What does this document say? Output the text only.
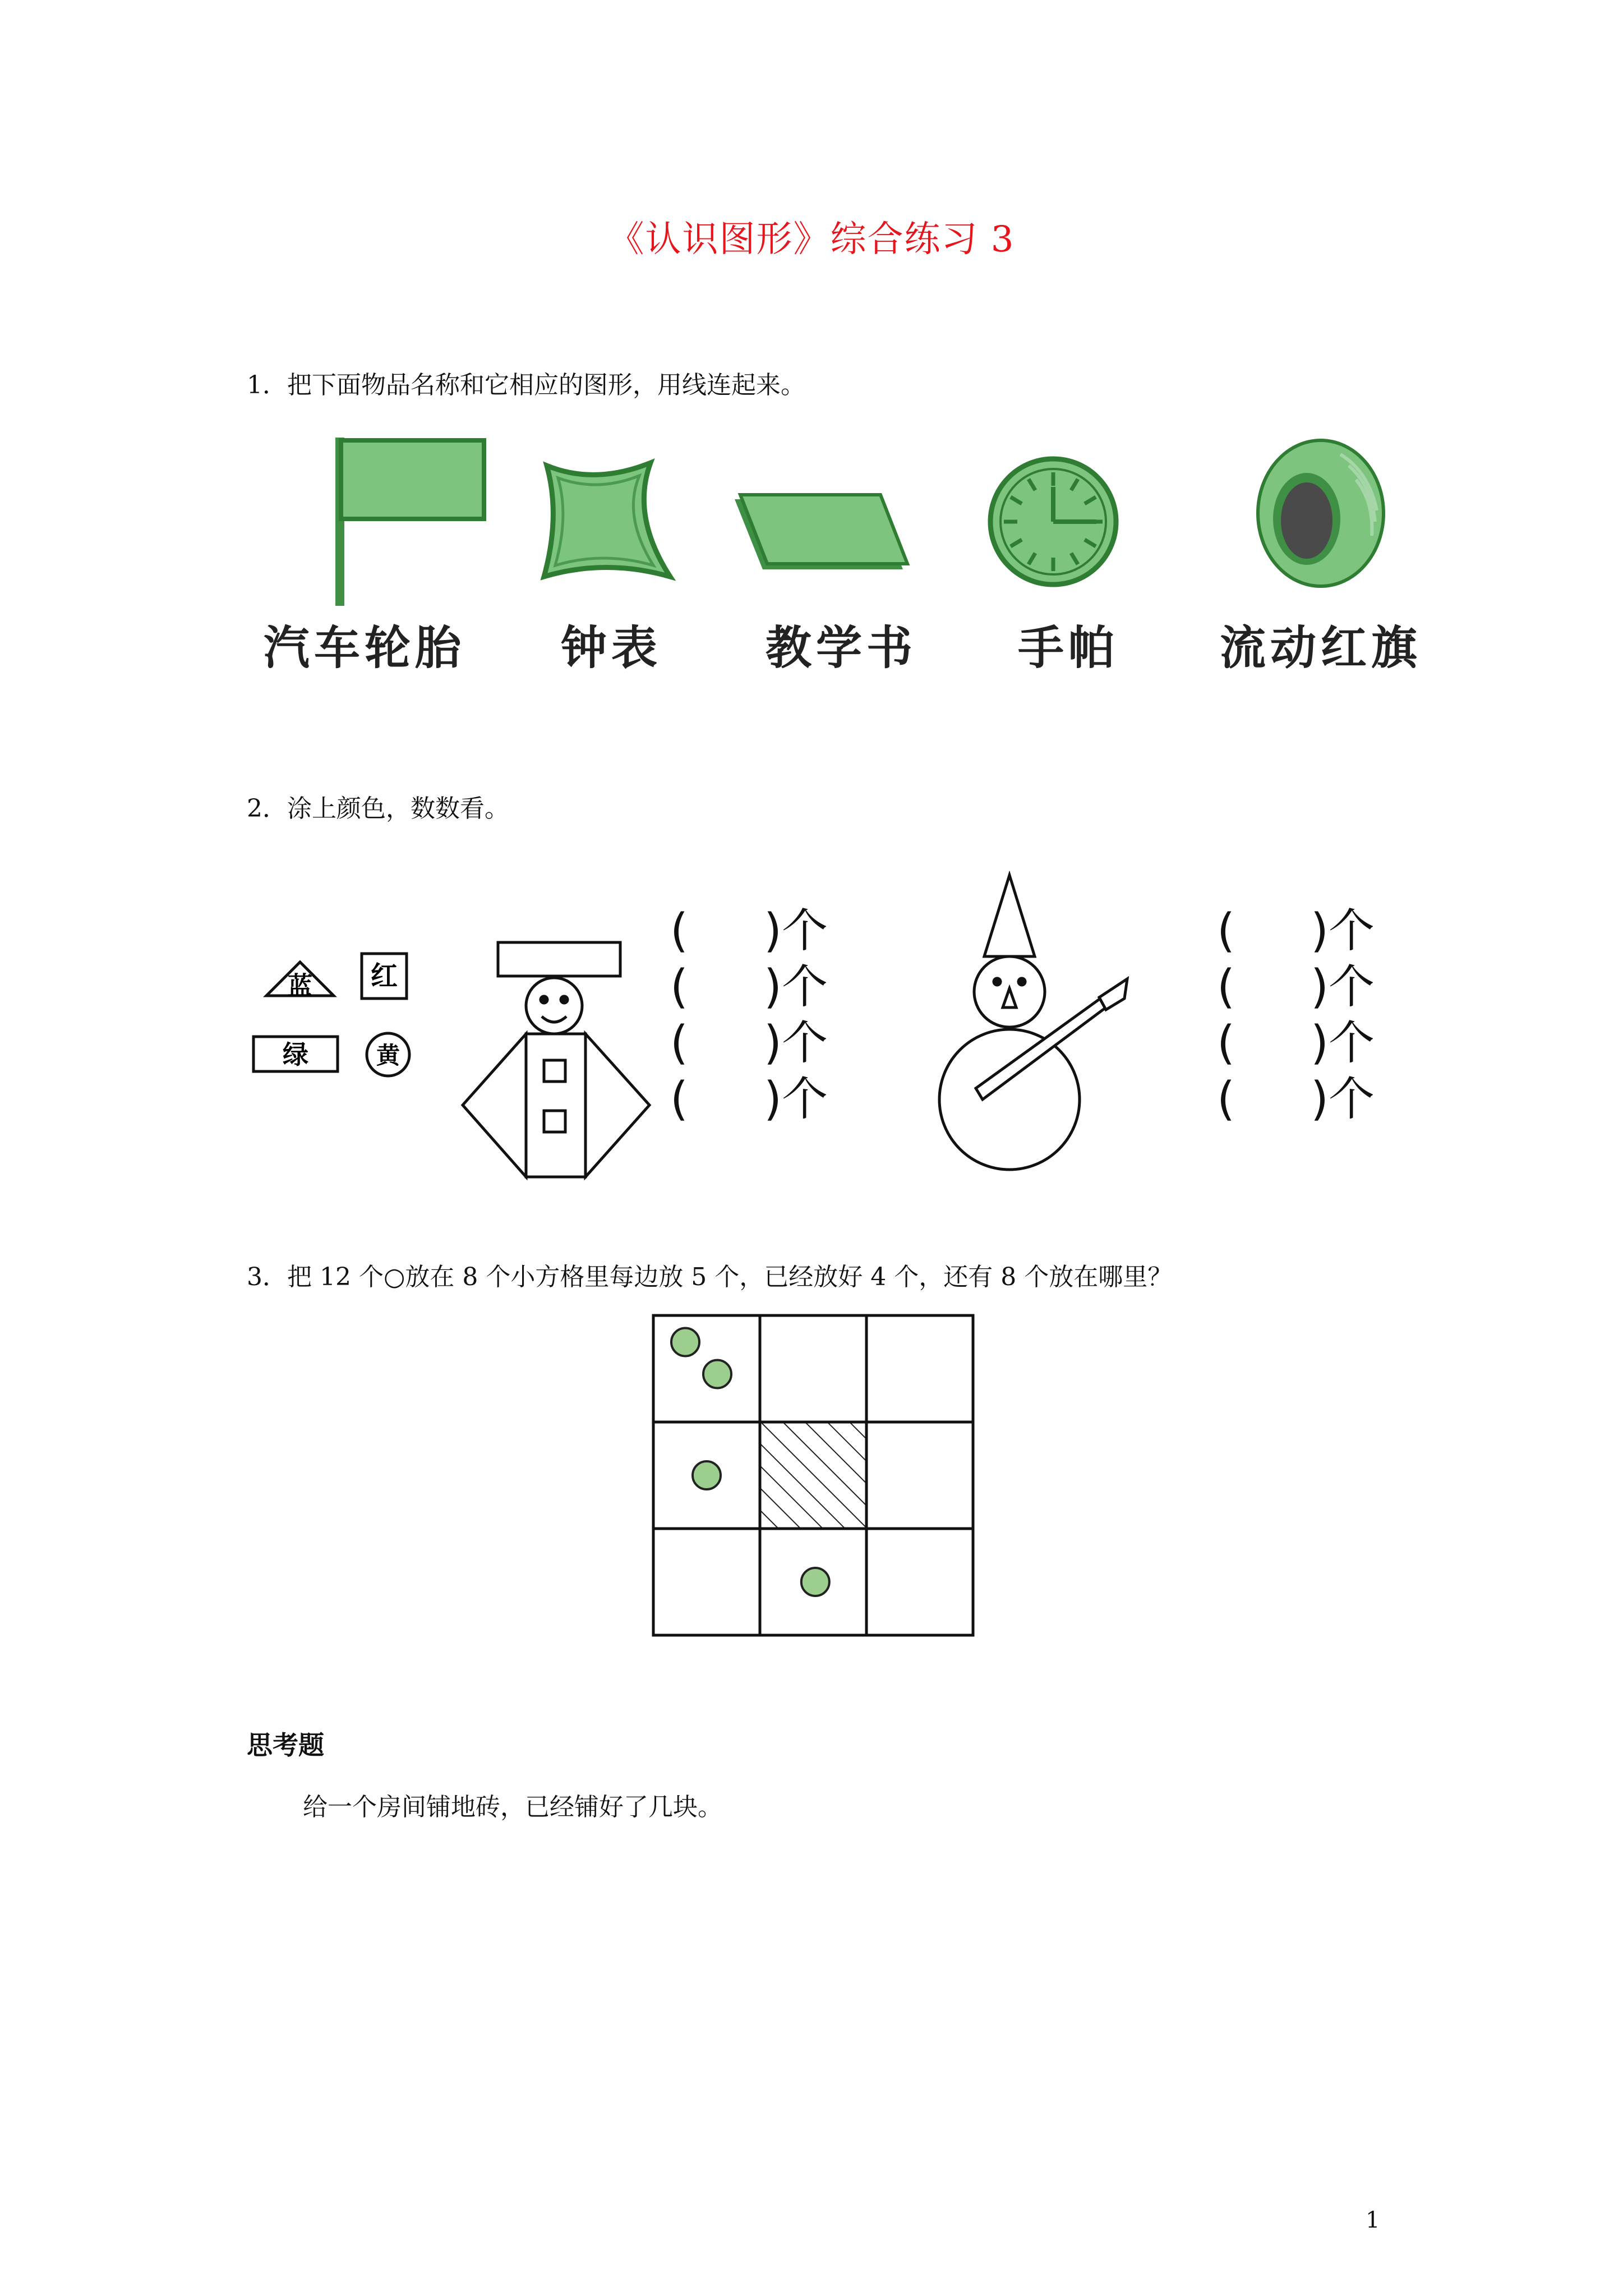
《认识图形》综合练习 3
1．把下面物品名称和它相应的图形，用线连起来。
汽车轮胎 钟表 教学书 手帕 流动红旗
2．涂上颜色，数数看。
蓝 红
绿	黄
( )个
( )个
( )个
( )个
( )个
( )个
( )个
( )个
3．把 12 个○放在 8 个小方格里每边放 5 个，已经放好 4 个，还有 8 个放在哪里？
思考题
给一个房间铺地砖，已经铺好了几块。
1
